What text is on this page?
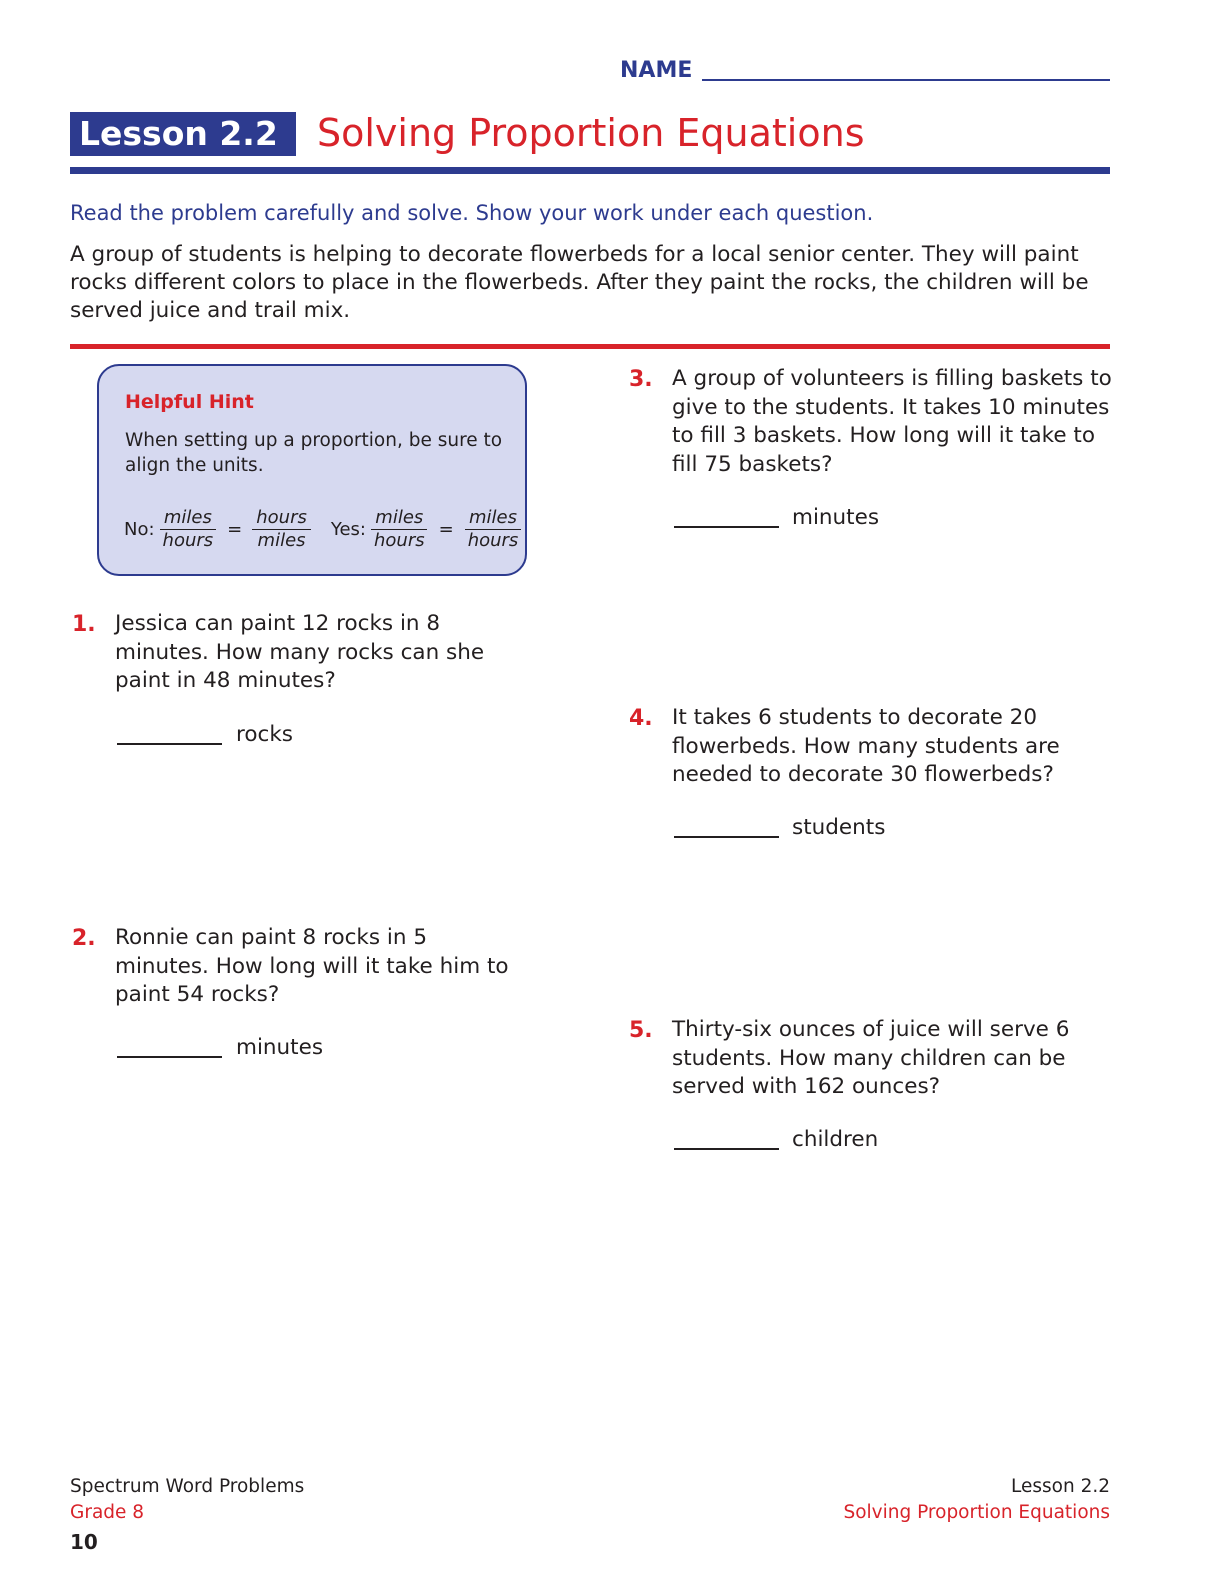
NAME
Lesson 2.2	Solving Proportion Equations
Read the problem carefully and solve. Show your work under each question.
A group of students is helping to decorate flowerbeds for a local senior center. They will paint rocks different colors to place in the flowerbeds. After they paint the rocks, the children will be served juice and trail mix.
Helpful Hint
When setting up a proportion, be sure to align the units.
No: $\frac{\text{miles}}{\text{hours}} = \frac{\text{hours}}{\text{miles}}$ Yes: $\frac{\text{miles}}{\text{hours}} = \frac{\text{miles}}{\text{hours}}$
1. Jessica can paint 12 rocks in 8 minutes. How many rocks can she paint in 48 minutes?
rocks
2. Ronnie can paint 8 rocks in 5 minutes. How long will it take him to paint 54 rocks?
minutes
3. A group of volunteers is filling baskets to give to the students. It takes 10 minutes to fill 3 baskets. How long will it take to fill 75 baskets?
minutes
4. It takes 6 students to decorate 20 flowerbeds. How many students are needed to decorate 30 flowerbeds?
students
5. Thirty-six ounces of juice will serve 6 students. How many children can be served with 162 ounces?
children
Spectrum Word Problems
Grade 8
10
Lesson 2.2
Solving Proportion Equations
